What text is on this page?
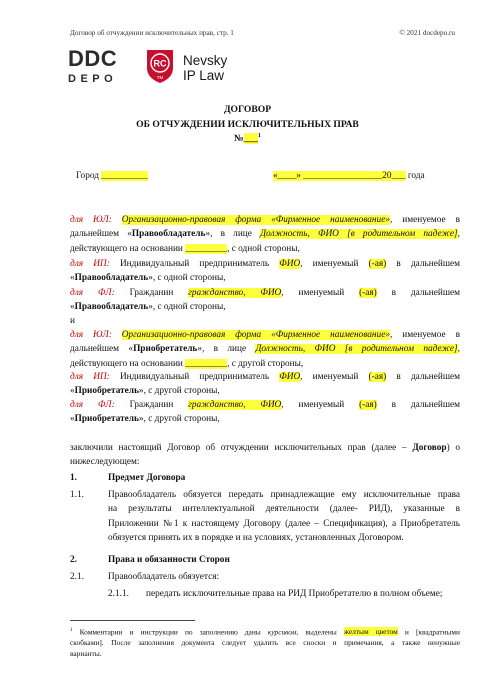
Договор об отчуждении исключительных прав, стр. 1	© 2021 docdepo.ru
DDC
DEPO
RC
TM
Nevsky
IP Law
ДОГОВОР
ОБ ОТЧУЖДЕНИИ ИСКЛЮЧИТЕЛЬНЫХ ПРАВ
№___$^1$
Город __________	«____» _________________20___ года
для ЮЛ: Организационно-правовая форма «Фирменное наименование», именуемое в
дальнейшем «Правообладатель», в лице Должность, ФИО [в родительном падеже],
действующего на основании _________, с одной стороны,
для ИП: Индивидуальный предприниматель ФИО, именуемый (-ая) в дальнейшем
«Правообладатель», с одной стороны,
для ФЛ: Гражданин гражданство, ФИО, именуемый (-ая) в дальнейшем
«Правообладатель», с одной стороны,
и
для ЮЛ: Организационно-правовая форма «Фирменное наименование», именуемое в
дальнейшем «Приобретатель», в лице Должность, ФИО [в родительном падеже],
действующего на основании _________, с другой стороны,
для ИП: Индивидуальный предприниматель ФИО, именуемый (-ая) в дальнейшем
«Приобретатель», с другой стороны,
для ФЛ: Гражданин гражданство, ФИО, именуемый (-ая) в дальнейшем
«Приобретатель», с другой стороны,
заключили настоящий Договор об отчуждении исключительных прав (далее – Договор) о
нижеследующем:
1.	Предмет Договора
1.1.	Правообладатель обязуется передать принадлежащие ему исключительные права
на результаты интеллектуальной деятельности (далее- РИД), указанные в
Приложении №1 к настоящему Договору (далее – Спецификация), а Приобретатель
обязуется принять их в порядке и на условиях, установленных Договором.
2.	Права и обязанности Сторон
2.1.	Правообладатель обязуется:
2.1.1. передать исключительные права на РИД Приобретателю в полном объеме;
$^1$ Комментарии и инструкции по заполнению даны курсивом, выделены желтым цветом и [квадратными
скобками]. После заполнения документа следует удалить все сноски и примечания, а также ненужные
варианты.
